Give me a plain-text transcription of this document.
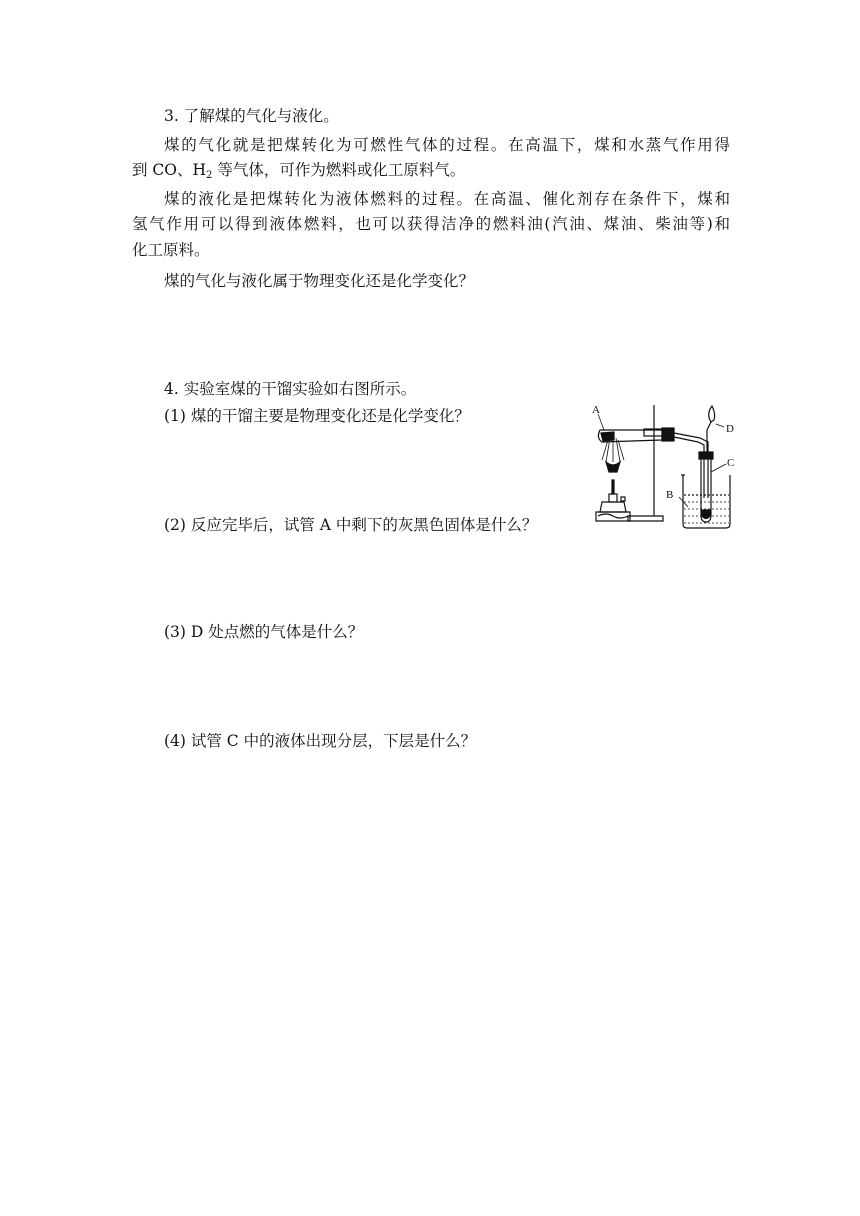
3. 了解煤的气化与液化。
煤的气化就是把煤转化为可燃性气体的过程。在高温下，煤和水蒸气作用得
到 CO、$H_2$ 等气体，可作为燃料或化工原料气。
煤的液化是把煤转化为液体燃料的过程。在高温、催化剂存在条件下，煤和
氢气作用可以得到液体燃料，也可以获得洁净的燃料油(汽油、煤油、柴油等)和
化工原料。
煤的气化与液化属于物理变化还是化学变化？
4. 实验室煤的干馏实验如右图所示。
(1) 煤的干馏主要是物理变化还是化学变化？
(2) 反应完毕后，试管 A 中剩下的灰黑色固体是什么？
(3) D 处点燃的气体是什么？
(4) 试管 C 中的液体出现分层，下层是什么？
A
D
C
B
